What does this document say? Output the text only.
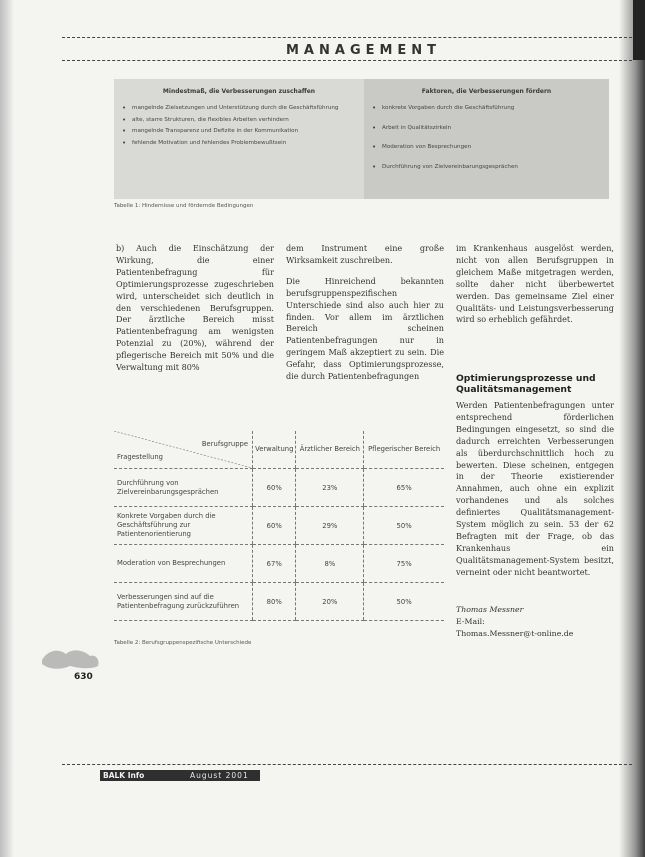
MANAGEMENT
Mindestmaß, die Verbesserungen zuschaffen
• mangelnde Zielsetzungen und Unterstützung durch die Geschäftsführung
• alte, starre Strukturen, die flexibles Arbeiten verhindern
• mangelnde Transparenz und Defizite in der Kommunikation
• fehlende Motivation und fehlendes Problembewußtsein
Faktoren, die Verbesserungen fördern
• konkrete Vorgaben durch die Geschäftsführung
• Arbeit in Qualitätszirkeln
• Moderation von Besprechungen
• Durchführung von Zielvereinbarungsgesprächen
Tabelle 1: Hindernisse und fördernde Bedingungen

b) Auch die Einschätzung der Wirkung, die einer Patientenbefragung für Optimierungsprozesse zugeschrieben wird, unterscheidet sich deutlich in den verschiedenen Berufsgruppen. Der ärztliche Bereich misst Patientenbefragung am wenigsten Potenzial zu (20%), während der pflegerische Bereich mit 50% und die Verwaltung mit 80%

dem Instrument eine große Wirksamkeit zuschreiben.

Die Hinreichend bekannten berufsgruppenspezifischen Unterschiede sind also auch hier zu finden. Vor allem im ärztlichen Bereich scheinen Patientenbefragungen nur in geringem Maß akzeptiert zu sein. Die Gefahr, dass Optimierungsprozesse, die durch Patientenbefragungen

im Krankenhaus ausgelöst werden, nicht von allen Berufsgruppen in gleichem Maße mitgetragen werden, sollte daher nicht überbewertet werden. Das gemeinsame Ziel einer Qualitäts- und Leistungsverbesserung wird so erheblich gefährdet.

Optimierungsprozesse und Qualitätsmanagement

Werden Patientenbefragungen unter entsprechend förderlichen Bedingungen eingesetzt, so sind die dadurch erreichten Verbesserungen als überdurchschnittlich hoch zu bewerten. Diese scheinen, entgegen in der Theorie existierender Annahmen, auch ohne ein explizit vorhandenes und als solches definiertes Qualitätsmanagement-System möglich zu sein. 53 der 62 Befragten mit der Frage, ob das Krankenhaus ein Qualitätsmanagement-System besitzt, verneint oder nicht beantwortet.

Thomas Messner
E-Mail:
Thomas.Messner@t-online.de
Berufsgruppe
Fragestellung	Verwaltung	Ärztlicher Bereich	Pflegerischer Bereich
Durchführung von Zielvereinbarungsgesprächen	60%	23%	65%
Konkrete Vorgaben durch die Geschäftsführung zur Patientenorientierung	60%	29%	50%
Moderation von Besprechungen	67%	8%	75%
Verbesserungen sind auf die Patientenbefragung zurückzuführen	80%	20%	50%
Tabelle 2: Berufsgruppenspezifische Unterschiede
630
BALK Info	August 2001
